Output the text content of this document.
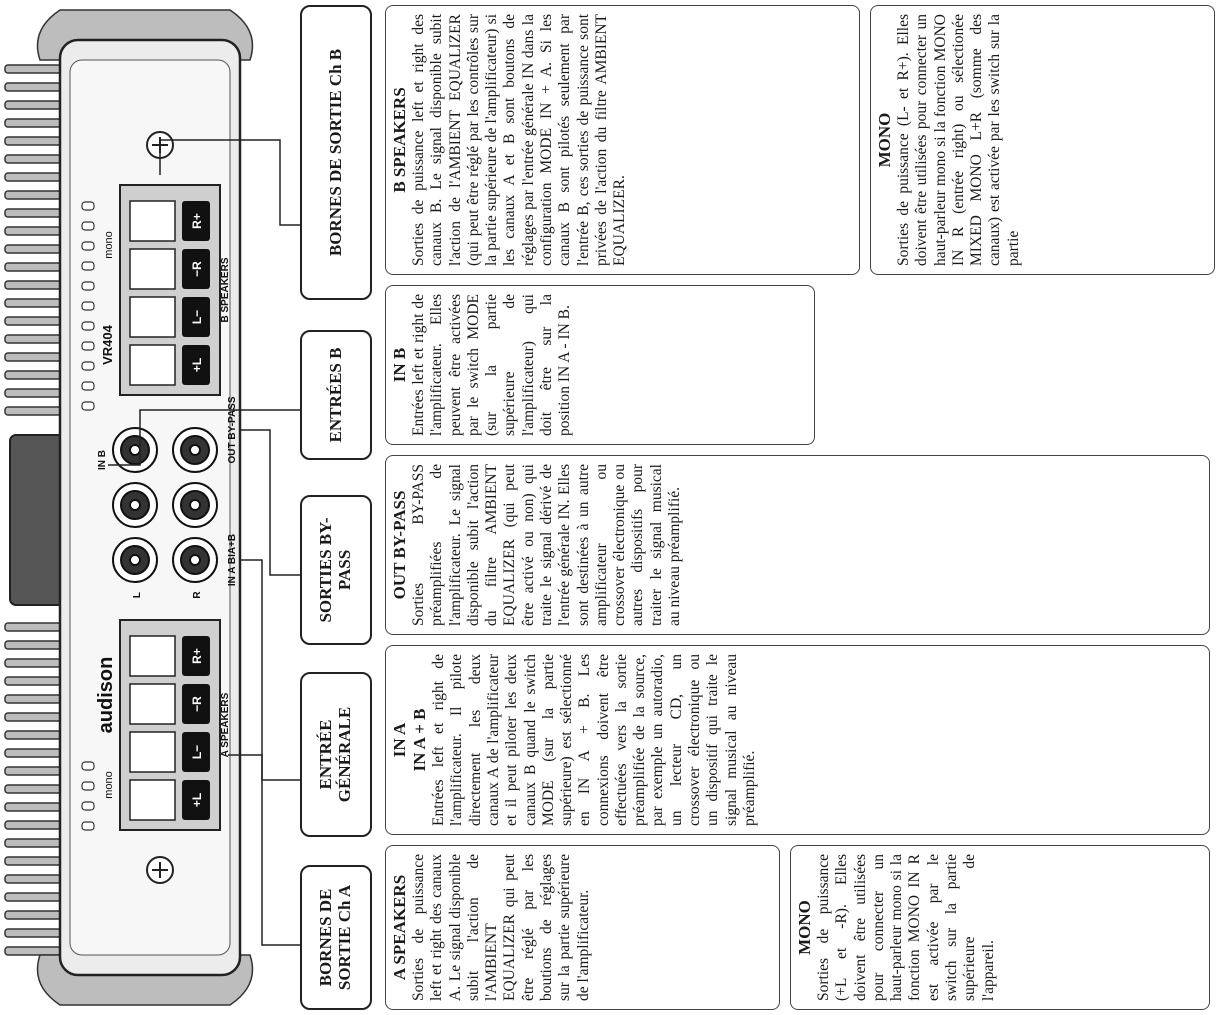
+L
L−
−R
R+
A SPEAKERS
mono
audison
L	R
IN A BIA+B
IN B	OUT BY-PASS
+L
L−
−R
R+
B SPEAKERS
mono
VR404
BORNES DE SORTIE Ch A
ENTRÉE GÉNÉRALE
SORTIES BY-PASS
ENTRÉES B
BORNES DE SORTIE Ch B
A SPEAKERS Sorties de puissance left et right des canaux A. Le signal disponible subit l'action de l'AMBIENT EQUALIZER qui peut être réglé par les boutions de réglages sur la partie supérieure de l'amplificateur.	MONO Sorties de puissance (+L et -R). Elles doivent être utilisées pour connecter un haut-parleur mono si la fonction MONO IN R est activée par le switch sur la partie supérieure de l'appareil.

IN A IN A + B Entrées left et right de l'amplificateur. Il pilote directement les deux canaux A de l'amplificateur et il peut piloter les deux canaux B quand le switch MODE (sur la partie supérieure) est sélectionné en IN A + B. Les connexions doivent être effectuées vers la sortie préamplifiée de la source, par exemple un autoradio, un lecteur CD, un crossover électronique ou un dispositif qui traite le signal musical au niveau préamplifié.

OUT BY-PASS Sorties BY-PASS préamplifiées de l'amplificateur. Le signal disponible subit l'action du filtre AMBIENT EQUALIZER (qui peut être activé ou non) qui traite le signal dérivé de l'entrée générale IN. Elles sont destinées à un autre amplificateur ou crossover électronique ou autres dispositifs pour traiter le signal musical au niveau préamplifié.

IN B Entrées left et right de l'amplificateur. Elles peuvent être activées par le switch MODE (sur la partie supérieure de l'amplificateur) qui doit être sur la position IN A - IN B.

B SPEAKERS Sorties de puissance left et right des canaux B. Le signal disponible subit l'action de l'AMBIENT EQUALIZER (qui peut être réglé par les contrôles sur la partie supérieure de l'amplificateur) si les canaux A et B sont boutons de réglages par l'entrée générale IN dans la configuration MODE IN + A. Si les canaux B sont pilotés seulement par l'entrée B, ces sorties de puissance sont privées de l'action du filtre AMBIENT EQUALIZER.

MONO Sorties de puissance (L- et R+). Elles doivent être utilisées pour connecter un haut-parleur mono si la fonction MONO IN R (entrée right) ou sélectionée MIXED MONO L+R (somme des canaux) est activée par les switch sur la partie
